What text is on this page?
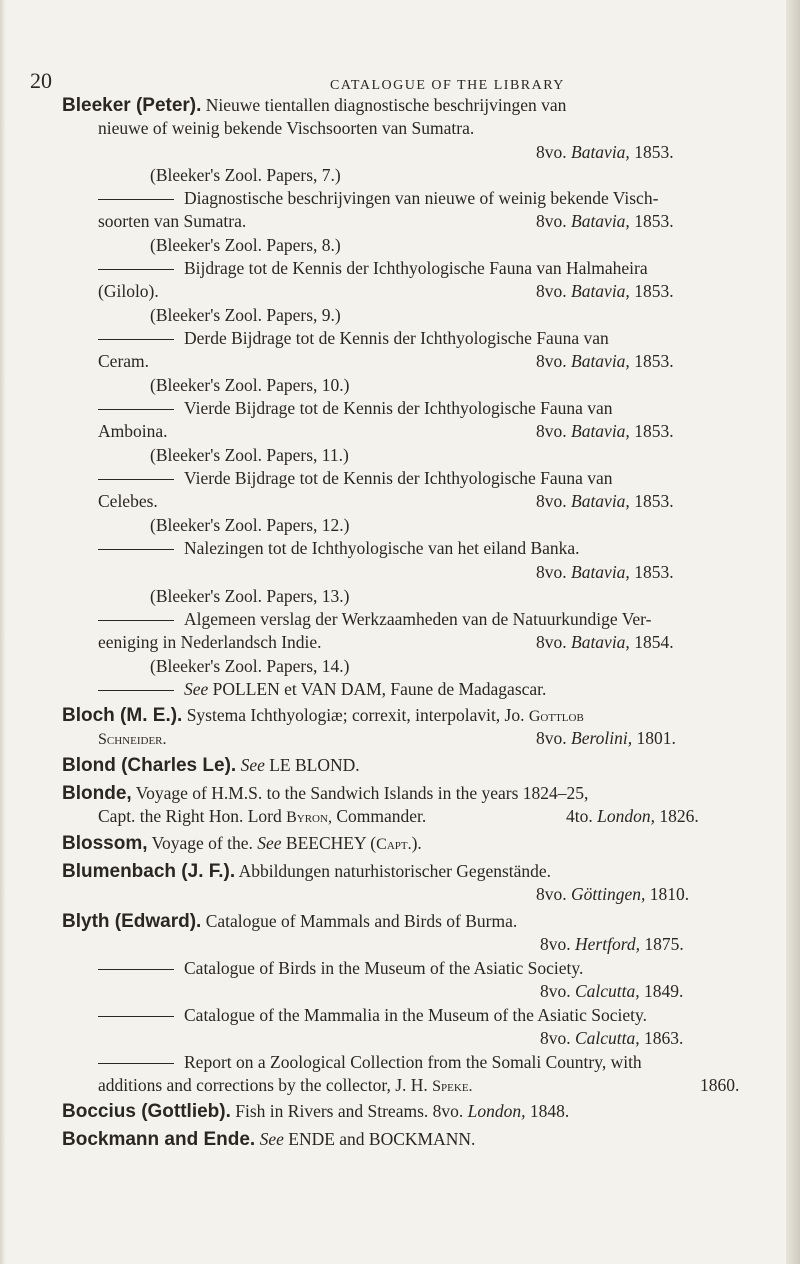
20	CATALOGUE OF THE LIBRARY
Bleeker (Peter). Nieuwe tientallen diagnostische beschrijvingen van
nieuwe of weinig bekende Vischsoorten van Sumatra.
8vo. Batavia, 1853.
(Bleeker's Zool. Papers, 7.)
Diagnostische beschrijvingen van nieuwe of weinig bekende Visch-
soorten van Sumatra.	8vo. Batavia, 1853.
(Bleeker's Zool. Papers, 8.)
Bijdrage tot de Kennis der Ichthyologische Fauna van Halmaheira
(Gilolo).	8vo. Batavia, 1853.
(Bleeker's Zool. Papers, 9.)
Derde Bijdrage tot de Kennis der Ichthyologische Fauna van
Ceram.	8vo. Batavia, 1853.
(Bleeker's Zool. Papers, 10.)
Vierde Bijdrage tot de Kennis der Ichthyologische Fauna van
Amboina.	8vo. Batavia, 1853.
(Bleeker's Zool. Papers, 11.)
Vierde Bijdrage tot de Kennis der Ichthyologische Fauna van
Celebes.	8vo. Batavia, 1853.
(Bleeker's Zool. Papers, 12.)
Nalezingen tot de Ichthyologische van het eiland Banka.
8vo. Batavia, 1853.
(Bleeker's Zool. Papers, 13.)
Algemeen verslag der Werkzaamheden van de Natuurkundige Ver-
eeniging in Nederlandsch Indie.	8vo. Batavia, 1854.
(Bleeker's Zool. Papers, 14.)
See POLLEN et VAN DAM, Faune de Madagascar.
Bloch (M. E.). Systema Ichthyologiæ; correxit, interpolavit, Jo. Gottlob
Schneider.	8vo. Berolini, 1801.
Blond (Charles Le). See LE BLOND.
Blonde, Voyage of H.M.S. to the Sandwich Islands in the years 1824–25,
Capt. the Right Hon. Lord Byron, Commander.	4to. London, 1826.
Blossom, Voyage of the. See BEECHEY (Capt.).
Blumenbach (J. F.). Abbildungen naturhistorischer Gegenstände.
8vo. Göttingen, 1810.
Blyth (Edward). Catalogue of Mammals and Birds of Burma.
8vo. Hertford, 1875.
Catalogue of Birds in the Museum of the Asiatic Society.
8vo. Calcutta, 1849.
Catalogue of the Mammalia in the Museum of the Asiatic Society.
8vo. Calcutta, 1863.
Report on a Zoological Collection from the Somali Country, with
additions and corrections by the collector, J. H. Speke.	1860.
Boccius (Gottlieb). Fish in Rivers and Streams. 8vo. London, 1848.
Bockmann and Ende. See ENDE and BOCKMANN.
